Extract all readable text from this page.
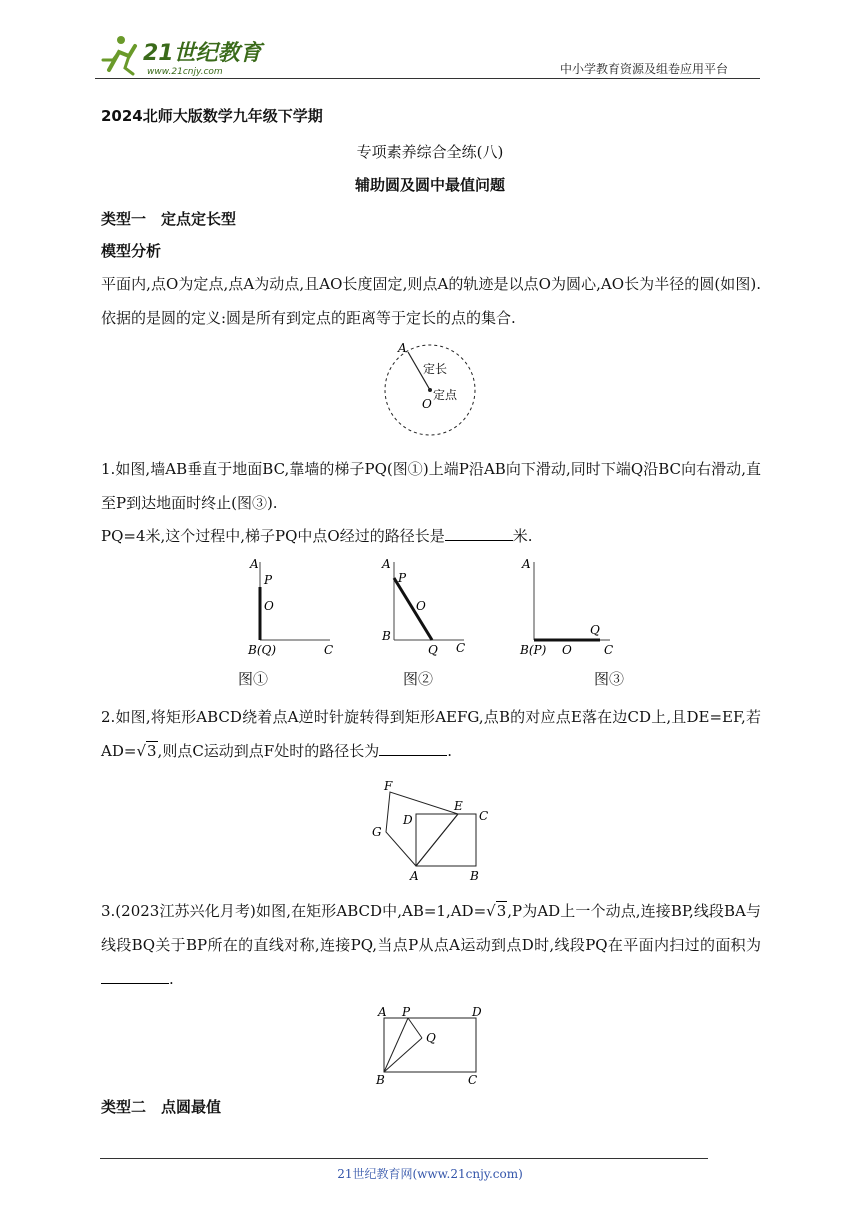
21世纪教育
www.21cnjy.com	中小学教育资源及组卷应用平台
2024北师大版数学九年级下学期
专项素养综合全练(八)
辅助圆及圆中最值问题
类型一　定点定长型
模型分析
平面内,点O为定点,点A为动点,且AO长度固定,则点A的轨迹是以点O为圆心,AO长为半径的圆(如图).依据的是圆的定义:圆是所有到定点的距离等于定长的点的集合.
A
O
定长
定点
1.如图,墙AB垂直于地面BC,靠墙的梯子PQ(图①)上端P沿AB向下滑动,同时下端Q沿BC向右滑动,直至P到达地面时终止(图③).
PQ=4米,这个过程中,梯子PQ中点O经过的路径长是	米.
A
P
O
B(Q)	C
图①
A
P
O
B
Q C
图②
A
B(P) O
Q
C
图③
2.如图,将矩形ABCD绕着点A逆时针旋转得到矩形AEFG,点B的对应点E落在边CD上,且DE=EF,若AD=√3,则点C运动到点F处时的路径长为	.
F
E
C
D
G
A	B
3.(2023江苏兴化月考)如图,在矩形ABCD中,AB=1,AD=√3,P为AD上一个动点,连接BP,线段BA与线段BQ关于BP所在的直线对称,连接PQ,当点P从点A运动到点D时,线段PQ在平面内扫过的面积为.
A P	D
Q
B	C
类型二　点圆最值
21世纪教育网(www.21cnjy.com)
